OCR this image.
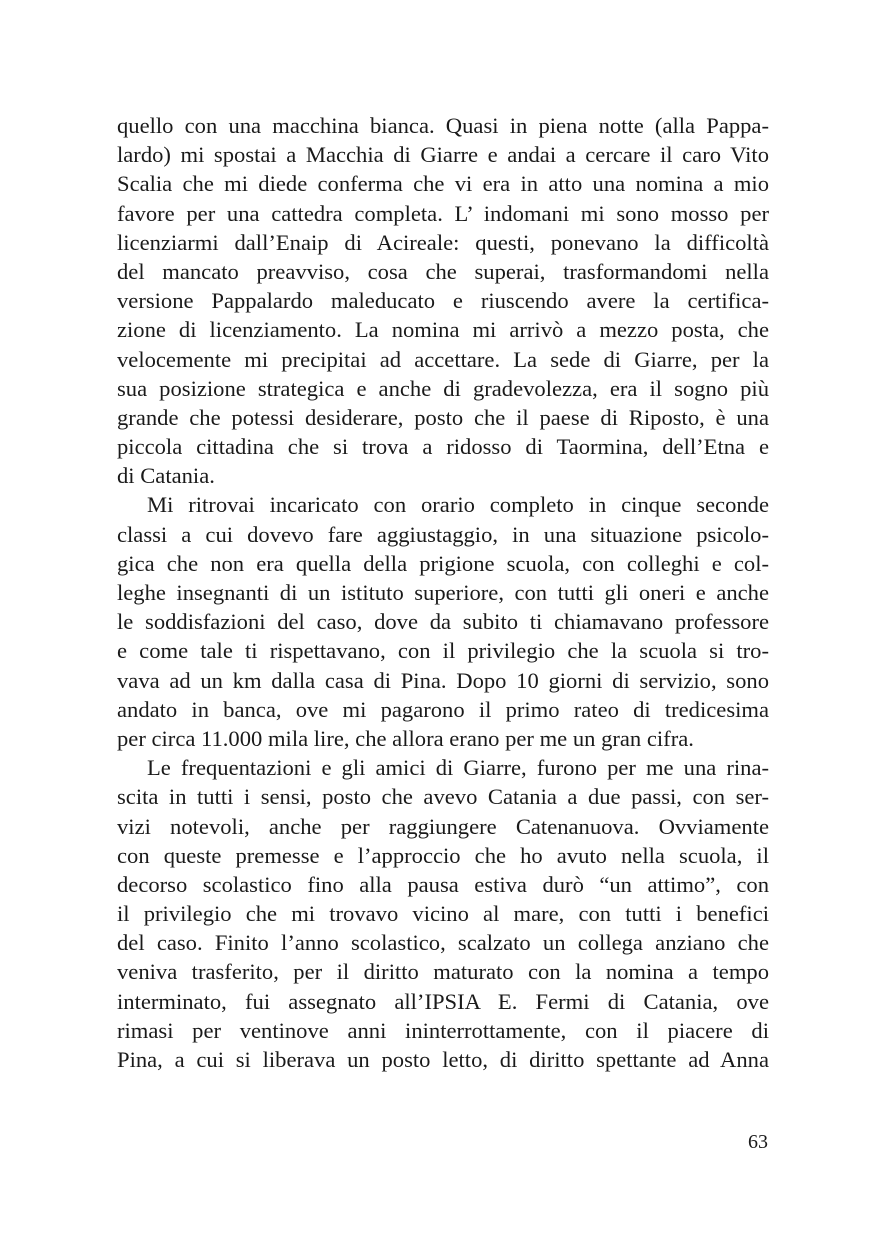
quello con una macchina bianca. Quasi in piena notte (alla Pappa-
lardo) mi spostai a Macchia di Giarre e andai a cercare il caro Vito
Scalia che mi diede conferma che vi era in atto una nomina a mio
favore per una cattedra completa. L’ indomani mi sono mosso per
licenziarmi dall’Enaip di Acireale: questi, ponevano la difficoltà
del mancato preavviso, cosa che superai, trasformandomi nella
versione Pappalardo maleducato e riuscendo avere la certifica-
zione di licenziamento. La nomina mi arrivò a mezzo posta, che
velocemente mi precipitai ad accettare. La sede di Giarre, per la
sua posizione strategica e anche di gradevolezza, era il sogno più
grande che potessi desiderare, posto che il paese di Riposto, è una
piccola cittadina che si trova a ridosso di Taormina, dell’Etna e
di Catania.
Mi ritrovai incaricato con orario completo in cinque seconde
classi a cui dovevo fare aggiustaggio, in una situazione psicolo-
gica che non era quella della prigione scuola, con colleghi e col-
leghe insegnanti di un istituto superiore, con tutti gli oneri e anche
le soddisfazioni del caso, dove da subito ti chiamavano professore
e come tale ti rispettavano, con il privilegio che la scuola si tro-
vava ad un km dalla casa di Pina. Dopo 10 giorni di servizio, sono
andato in banca, ove mi pagarono il primo rateo di tredicesima
per circa 11.000 mila lire, che allora erano per me un gran cifra.
Le frequentazioni e gli amici di Giarre, furono per me una rina-
scita in tutti i sensi, posto che avevo Catania a due passi, con ser-
vizi notevoli, anche per raggiungere Catenanuova. Ovviamente
con queste premesse e l’approccio che ho avuto nella scuola, il
decorso scolastico fino alla pausa estiva durò “un attimo”, con
il privilegio che mi trovavo vicino al mare, con tutti i benefici
del caso. Finito l’anno scolastico, scalzato un collega anziano che
veniva trasferito, per il diritto maturato con la nomina a tempo
interminato, fui assegnato all’IPSIA E. Fermi di Catania, ove
rimasi per ventinove anni ininterrottamente, con il piacere di
Pina, a cui si liberava un posto letto, di diritto spettante ad Anna
63
